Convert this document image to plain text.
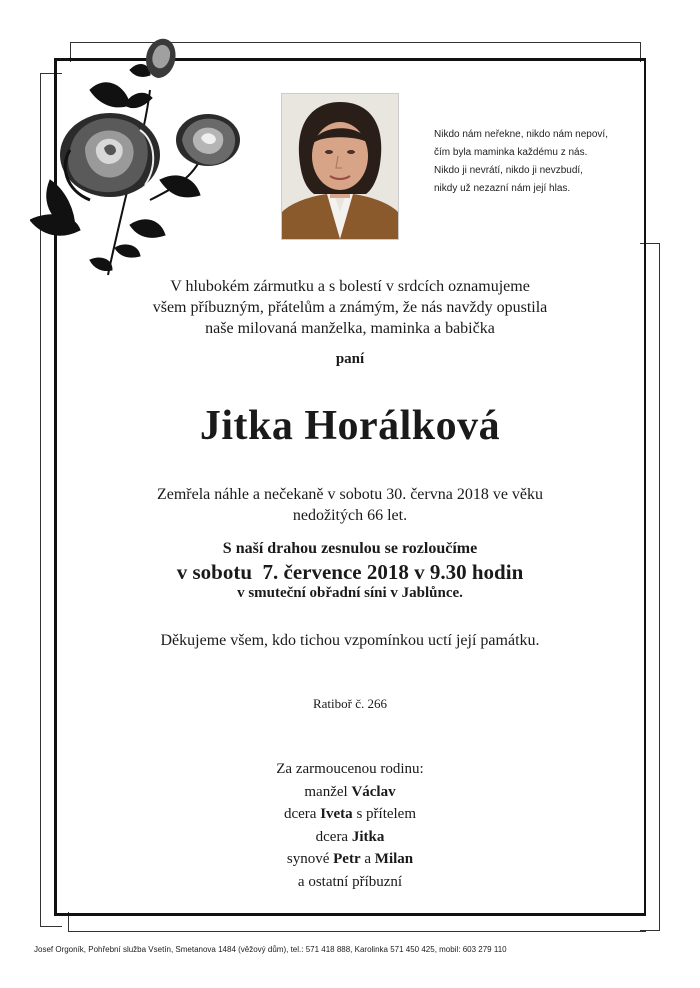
Nikdo nám neřekne, nikdo nám nepoví,
čím byla maminka každému z nás.
Nikdo ji nevrátí, nikdo ji nevzbudí,
nikdy už nezazní nám její hlas.
V hlubokém zármutku a s bolestí v srdcích oznamujeme
všem příbuzným, přátelům a známým, že nás navždy opustila
naše milovaná manželka, maminka a babička
paní
Jitka Horálková
Zemřela náhle a nečekaně v sobotu 30. června 2018 ve věku
nedožitých 66 let.
S naší drahou zesnulou se rozloučíme
v sobotu  7. července 2018 v 9.30 hodin
v smuteční obřadní síni v Jablůnce.
Děkujeme všem, kdo tichou vzpomínkou uctí její památku.
Ratiboř č. 266
Za zarmoucenou rodinu:
manžel Václav
dcera Iveta s přítelem
dcera Jitka
synové Petr a Milan
a ostatní příbuzní
Josef Orgoník, Pohřební služba Vsetín, Smetanova 1484 (věžový dům), tel.: 571 418 888, Karolinka 571 450 425, mobil: 603 279 110
